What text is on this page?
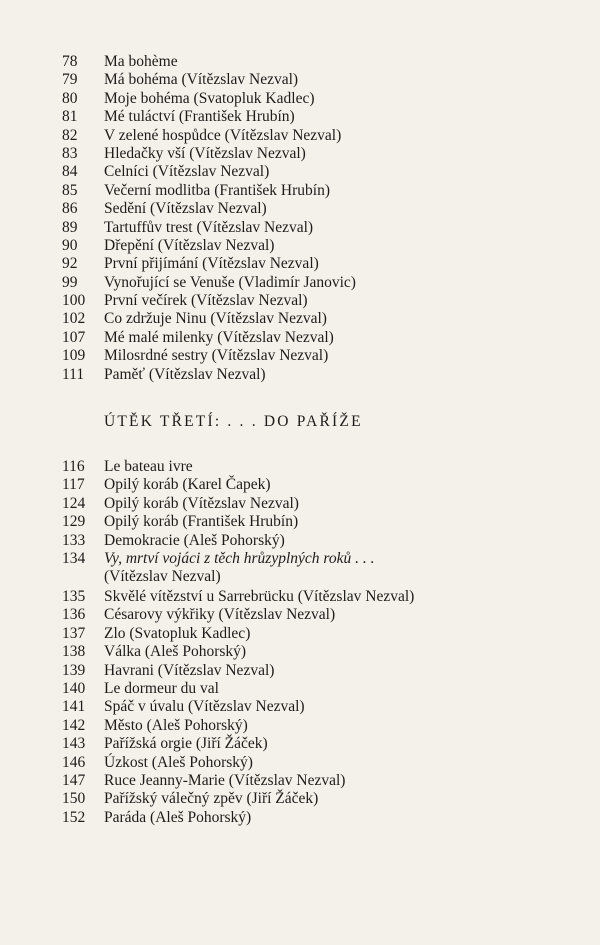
78	Ma bohème
79	Má bohéma (Vítězslav Nezval)
80	Moje bohéma (Svatopluk Kadlec)
81	Mé tuláctví (František Hrubín)
82	V zelené hospůdce (Vítězslav Nezval)
83	Hledačky vší (Vítězslav Nezval)
84	Celníci (Vítězslav Nezval)
85	Večerní modlitba (František Hrubín)
86	Sedění (Vítězslav Nezval)
89	Tartuffův trest (Vítězslav Nezval)
90	Dřepění (Vítězslav Nezval)
92	První přijímání (Vítězslav Nezval)
99	Vynořující se Venuše (Vladimír Janovic)
100	První večírek (Vítězslav Nezval)
102	Co zdržuje Ninu (Vítězslav Nezval)
107	Mé malé milenky (Vítězslav Nezval)
109	Milosrdné sestry (Vítězslav Nezval)
111	Paměť (Vítězslav Nezval)
ÚTĚK TŘETÍ: . . . DO PAŘÍŽE
116	Le bateau ivre
117	Opilý koráb (Karel Čapek)
124	Opilý koráb (Vítězslav Nezval)
129	Opilý koráb (František Hrubín)
133	Demokracie (Aleš Pohorský)
134	Vy, mrtví vojáci z těch hrůzyplných roků . . .
(Vítězslav Nezval)
135	Skvělé vítězství u Sarrebrücku (Vítězslav Nezval)
136	Césarovy výkřiky (Vítězslav Nezval)
137	Zlo (Svatopluk Kadlec)
138	Válka (Aleš Pohorský)
139	Havrani (Vítězslav Nezval)
140	Le dormeur du val
141	Spáč v úvalu (Vítězslav Nezval)
142	Město (Aleš Pohorský)
143	Pařížská orgie (Jiří Žáček)
146	Úzkost (Aleš Pohorský)
147	Ruce Jeanny-Marie (Vítězslav Nezval)
150	Pařížský válečný zpěv (Jiří Žáček)
152	Paráda (Aleš Pohorský)
